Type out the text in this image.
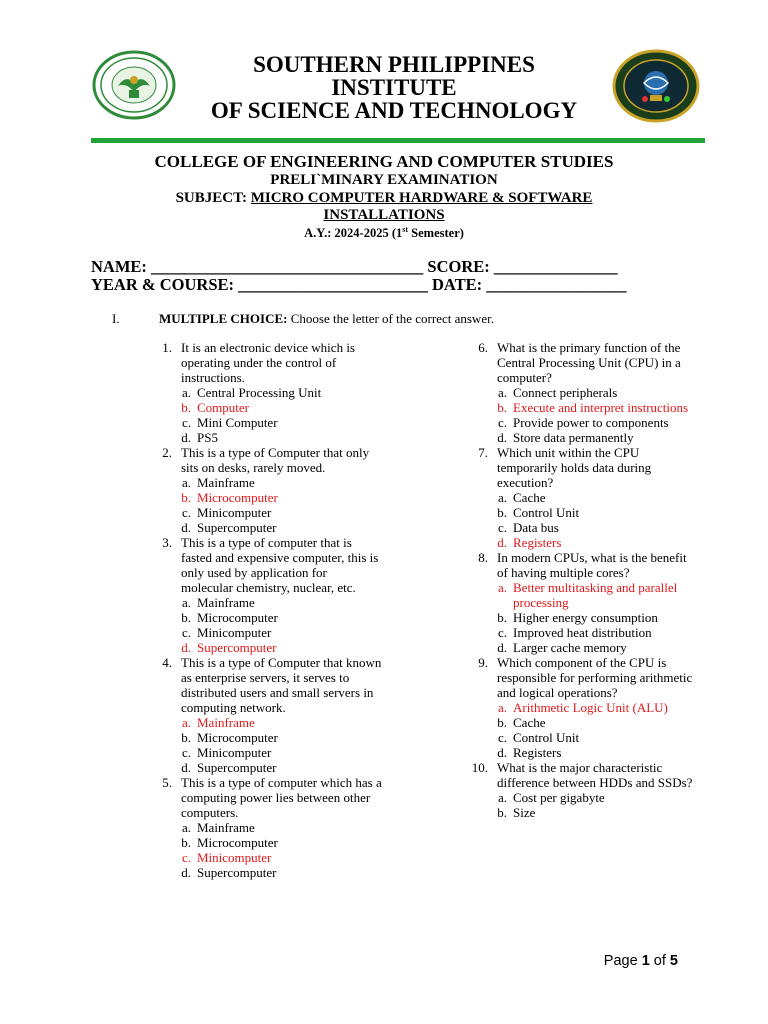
SOUTHERN PHILIPPINES
INSTITUTE
OF SCIENCE AND TECHNOLOGY
COLLEGE OF ENGINEERING AND COMPUTER STUDIES
PRELI`MINARY EXAMINATION
SUBJECT: MICRO COMPUTER HARDWARE & SOFTWARE
INSTALLATIONS
A.Y.: 2024-2025 (1st Semester)
NAME: _________________________________ SCORE: _______________
YEAR & COURSE: _______________________ DATE: _________________
I.	MULTIPLE CHOICE: Choose the letter of the correct answer.
1. It is an electronic device which is operating under the control of instructions.
a. Central Processing Unit
b. Computer
c. Mini Computer
d. PS5
2. This is a type of Computer that only sits on desks, rarely moved.
a. Mainframe
b. Microcomputer
c. Minicomputer
d. Supercomputer
3. This is a type of computer that is fasted and expensive computer, this is only used by application for molecular chemistry, nuclear, etc.
a. Mainframe
b. Microcomputer
c. Minicomputer
d. Supercomputer
4. This is a type of Computer that known as enterprise servers, it serves to distributed users and small servers in computing network.
a. Mainframe
b. Microcomputer
c. Minicomputer
d. Supercomputer
5. This is a type of computer which has a computing power lies between other computers.
a. Mainframe
b. Microcomputer
c. Minicomputer
d. Supercomputer
6. What is the primary function of the Central Processing Unit (CPU) in a computer?
a. Connect peripherals
b. Execute and interpret instructions
c. Provide power to components
d. Store data permanently
7. Which unit within the CPU temporarily holds data during execution?
a. Cache
b. Control Unit
c. Data bus
d. Registers
8. In modern CPUs, what is the benefit of having multiple cores?
a. Better multitasking and parallel processing
b. Higher energy consumption
c. Improved heat distribution
d. Larger cache memory
9. Which component of the CPU is responsible for performing arithmetic and logical operations?
a. Arithmetic Logic Unit (ALU)
b. Cache
c. Control Unit
d. Registers
10. What is the major characteristic difference between HDDs and SSDs?
a. Cost per gigabyte
b. Size
Page 1 of 5
